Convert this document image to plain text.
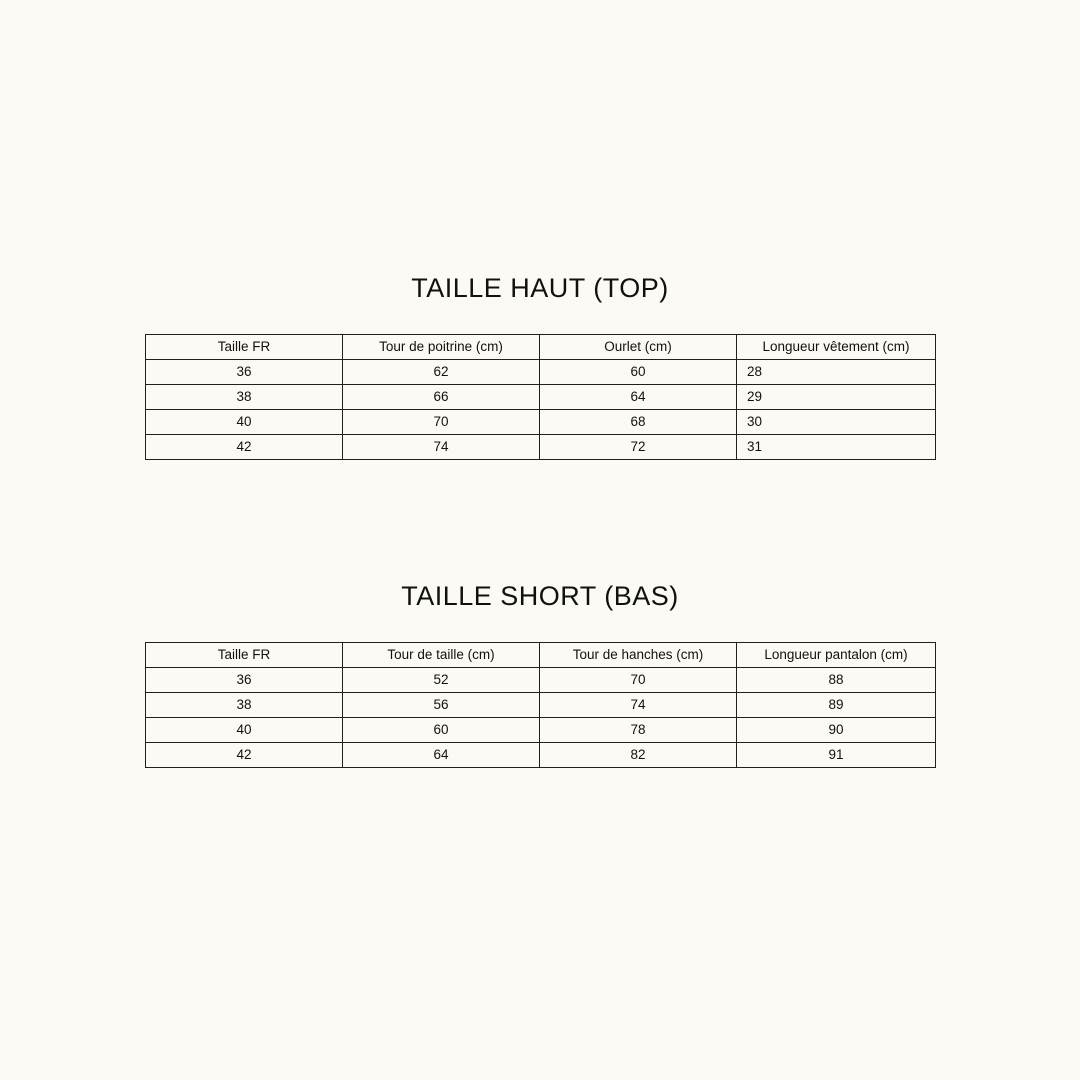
TAILLE HAUT (TOP)
Taille FR	Tour de poitrine (cm)	Ourlet (cm)	Longueur vêtement (cm)
36	62	60	28
38	66	64	29
40	70	68	30
42	74	72	31
TAILLE SHORT (BAS)
Taille FR	Tour de taille (cm)	Tour de hanches (cm)	Longueur pantalon (cm)
36	52	70	88
38	56	74	89
40	60	78	90
42	64	82	91
